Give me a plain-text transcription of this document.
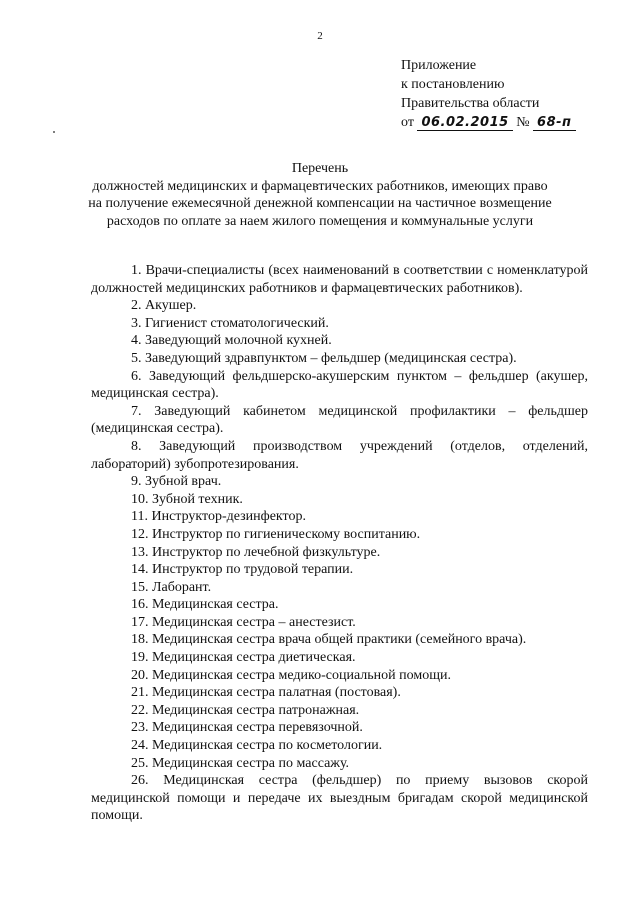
2
Приложение
к постановлению
Правительства области
от 06.02.2015 № 68-п
Перечень
должностей медицинских и фармацевтических работников, имеющих право
на получение ежемесячной денежной компенсации на частичное возмещение
расходов по оплате за наем жилого помещения и коммунальные услуги
1. Врачи-специалисты (всех наименований в соответствии с номенклатурой должностей медицинских работников и фармацевтических работников).
2. Акушер.
3. Гигиенист стоматологический.
4. Заведующий молочной кухней.
5. Заведующий здравпунктом – фельдшер (медицинская сестра).
6. Заведующий фельдшерско-акушерским пунктом – фельдшер (акушер, медицинская сестра).
7. Заведующий кабинетом медицинской профилактики – фельдшер (медицинская сестра).
8. Заведующий производством учреждений (отделов, отделений, лабораторий) зубопротезирования.
9. Зубной врач.
10. Зубной техник.
11. Инструктор-дезинфектор.
12. Инструктор по гигиеническому воспитанию.
13. Инструктор по лечебной физкультуре.
14. Инструктор по трудовой терапии.
15. Лаборант.
16. Медицинская сестра.
17. Медицинская сестра – анестезист.
18. Медицинская сестра врача общей практики (семейного врача).
19. Медицинская сестра диетическая.
20. Медицинская сестра медико-социальной помощи.
21. Медицинская сестра палатная (постовая).
22. Медицинская сестра патронажная.
23. Медицинская сестра перевязочной.
24. Медицинская сестра по косметологии.
25. Медицинская сестра по массажу.
26. Медицинская сестра (фельдшер) по приему вызовов скорой медицинской помощи и передаче их выездным бригадам скорой медицинской помощи.
